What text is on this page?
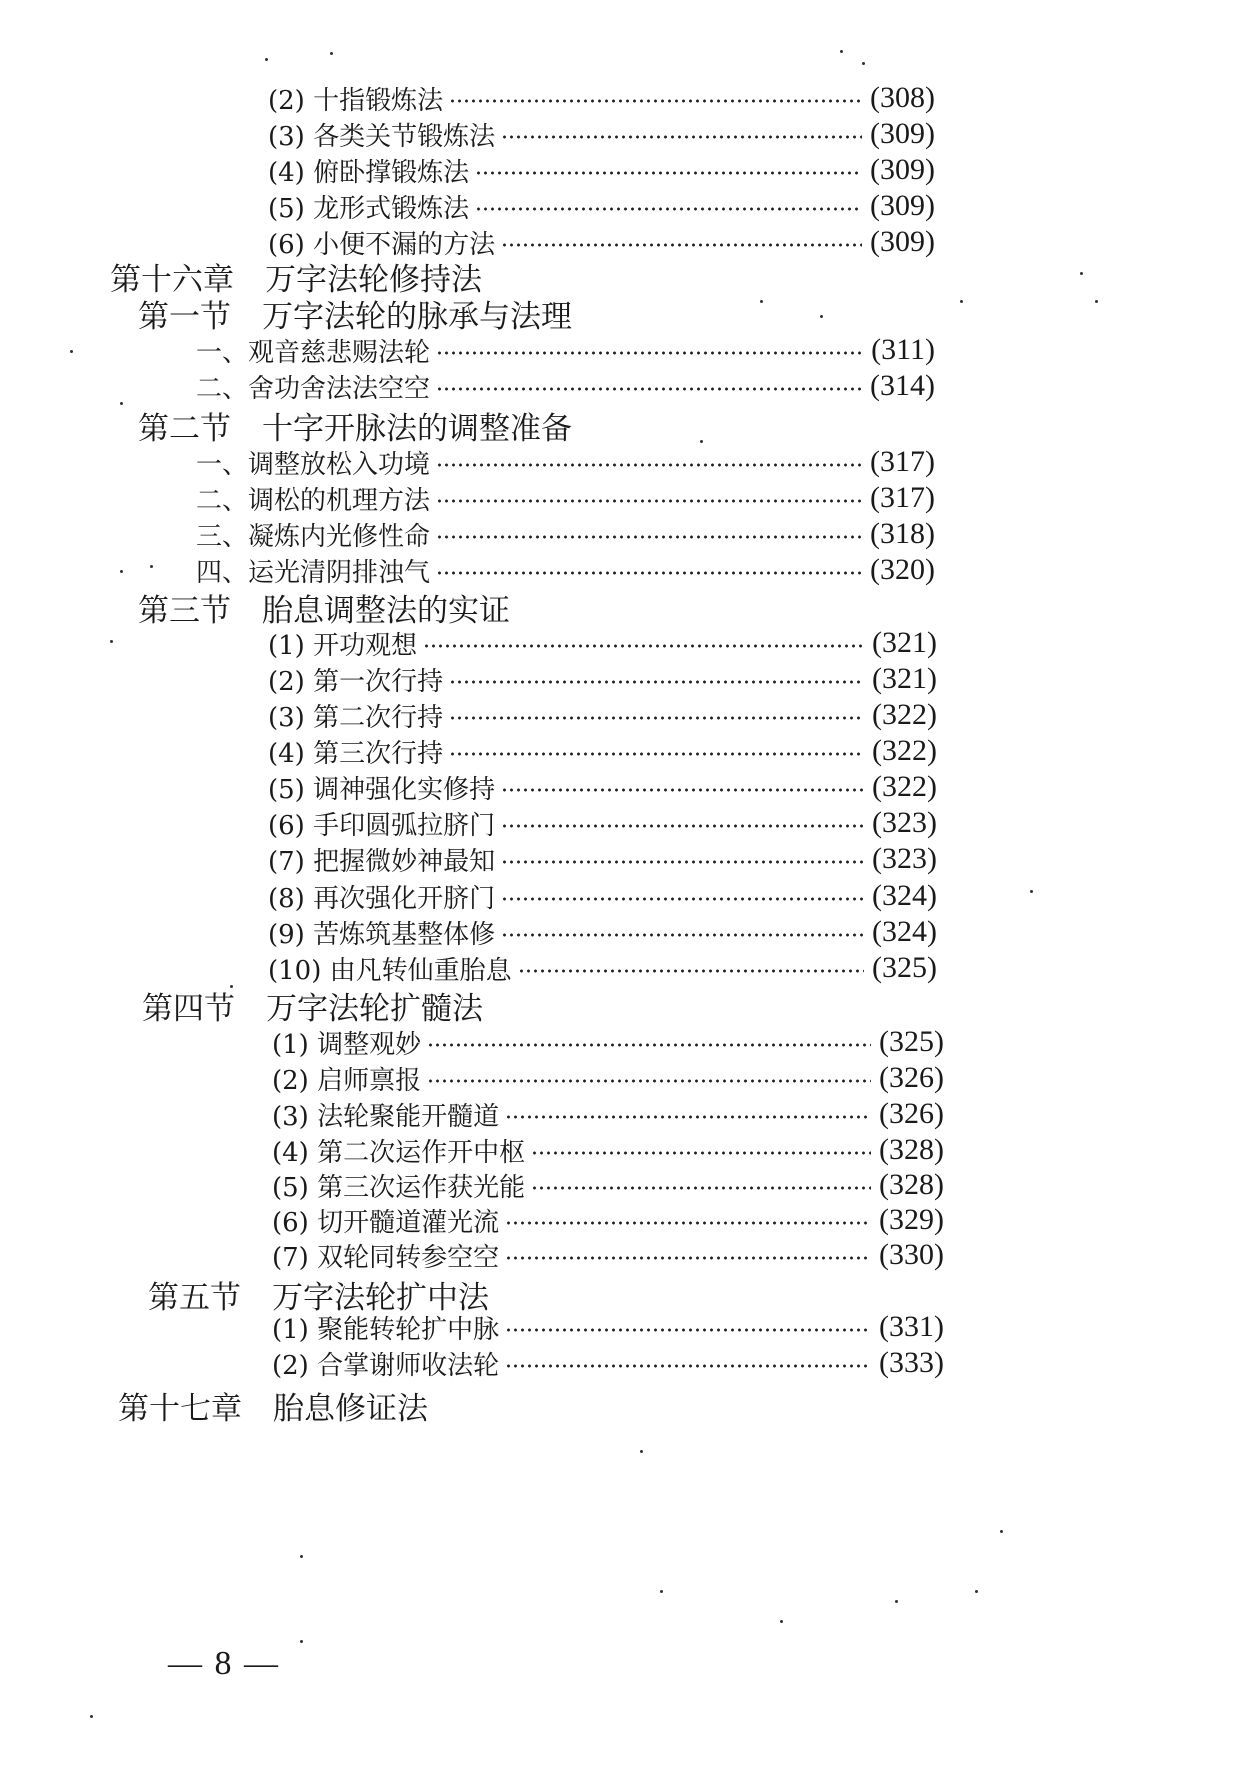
(2) 十指锻炼法	(308)
(3) 各类关节锻炼法	(309)
(4) 俯卧撑锻炼法	(309)
(5) 龙形式锻炼法	(309)
(6) 小便不漏的方法	(309)
第十六章　万字法轮修持法
第一节　万字法轮的脉承与法理
一、观音慈悲赐法轮	(311)
二、舍功舍法法空空	(314)
第二节　十字开脉法的调整准备
一、调整放松入功境	(317)
二、调松的机理方法	(317)
三、凝炼内光修性命	(318)
四、运光清阴排浊气	(320)
第三节　胎息调整法的实证
(1) 开功观想	(321)
(2) 第一次行持	(321)
(3) 第二次行持	(322)
(4) 第三次行持	(322)
(5) 调神强化实修持	(322)
(6) 手印圆弧拉脐门	(323)
(7) 把握微妙神最知	(323)
(8) 再次强化开脐门	(324)
(9) 苦炼筑基整体修	(324)
(10) 由凡转仙重胎息	(325)
第四节　万字法轮扩髓法
(1) 调整观妙	(325)
(2) 启师禀报	(326)
(3) 法轮聚能开髓道	(326)
(4) 第二次运作开中枢	(328)
(5) 第三次运作获光能	(328)
(6) 切开髓道灌光流	(329)
(7) 双轮同转参空空	(330)
第五节　万字法轮扩中法
(1) 聚能转轮扩中脉	(331)
(2) 合掌谢师收法轮	(333)
第十七章　胎息修证法
— 8 —
